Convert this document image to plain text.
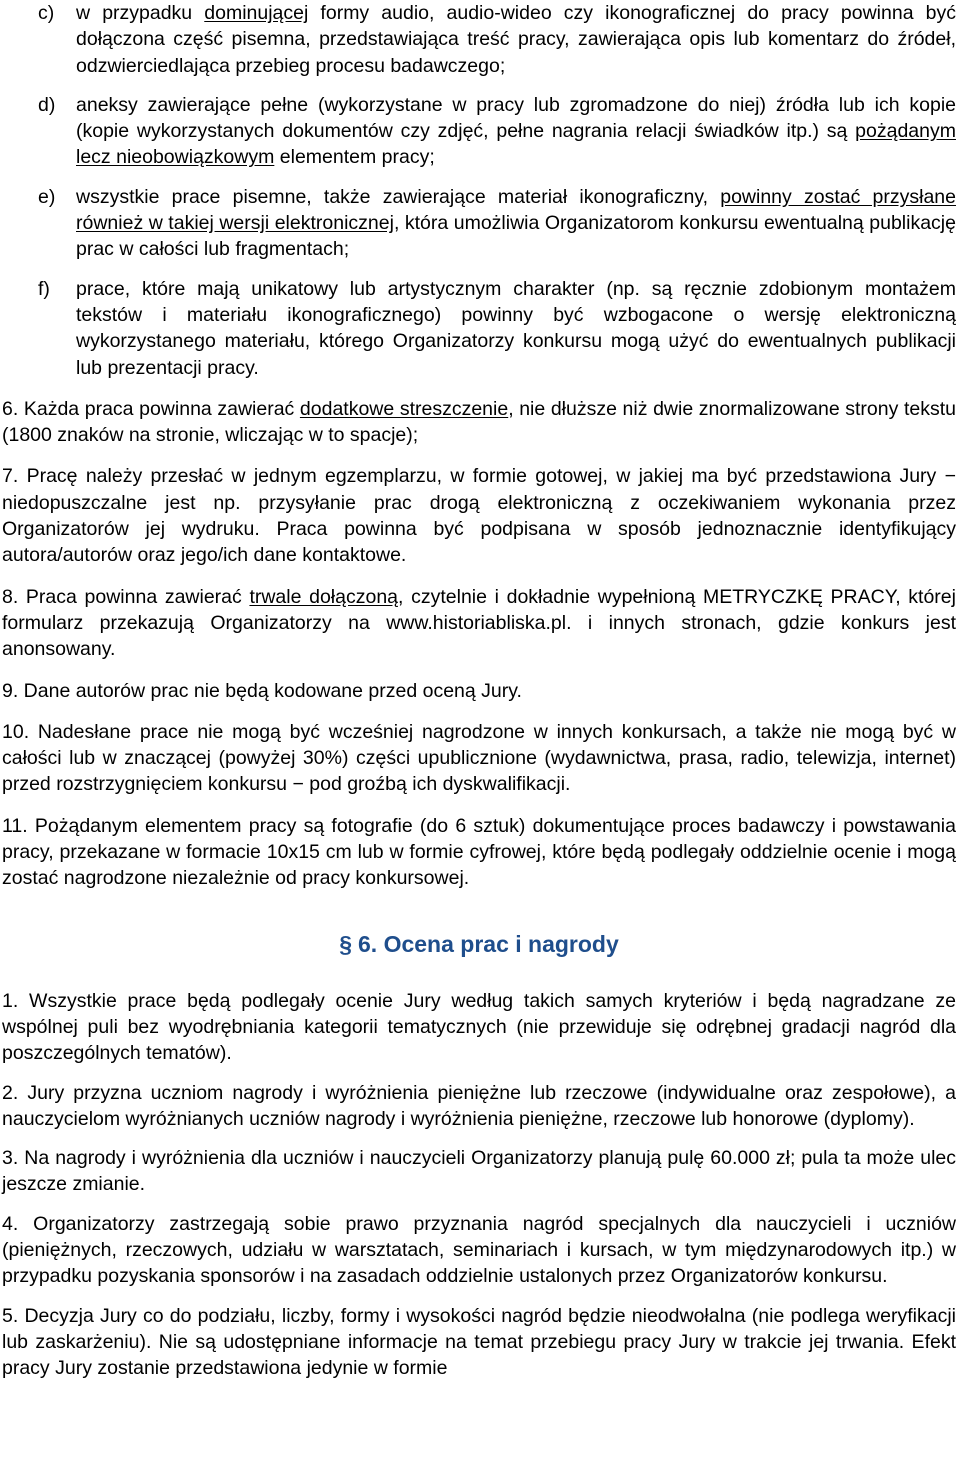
c) w przypadku dominującej formy audio, audio-wideo czy ikonograficznej do pracy powinna być dołączona część pisemna, przedstawiająca treść pracy, zawierająca opis lub komentarz do źródeł, odzwierciedlająca przebieg procesu badawczego;

d) aneksy zawierające pełne (wykorzystane w pracy lub zgromadzone do niej) źródła lub ich kopie (kopie wykorzystanych dokumentów czy zdjęć, pełne nagrania relacji świadków itp.) są pożądanym lecz nieobowiązkowym elementem pracy;

e) wszystkie prace pisemne, także zawierające materiał ikonograficzny, powinny zostać przysłane również w takiej wersji elektronicznej, która umożliwia Organizatorom konkursu ewentualną publikację prac w całości lub fragmentach;

f) prace, które mają unikatowy lub artystycznym charakter (np. są ręcznie zdobionym montażem tekstów i materiału ikonograficznego) powinny być wzbogacone o wersję elektroniczną wykorzystanego materiału, którego Organizatorzy konkursu mogą użyć do ewentualnych publikacji lub prezentacji pracy.

6. Każda praca powinna zawierać dodatkowe streszczenie, nie dłuższe niż dwie znormalizowane strony tekstu (1800 znaków na stronie, wliczając w to spacje);

7. Pracę należy przesłać w jednym egzemplarzu, w formie gotowej, w jakiej ma być przedstawiona Jury − niedopuszczalne jest np. przysyłanie prac drogą elektroniczną z oczekiwaniem wykonania przez Organizatorów jej wydruku. Praca powinna być podpisana w sposób jednoznacznie identyfikujący autora/autorów oraz jego/ich dane kontaktowe.

8. Praca powinna zawierać trwale dołączoną, czytelnie i dokładnie wypełnioną METRYCZKĘ PRACY, której formularz przekazują Organizatorzy na www.historiabliska.pl. i innych stronach, gdzie konkurs jest anonsowany.

9. Dane autorów prac nie będą kodowane przed oceną Jury.

10. Nadesłane prace nie mogą być wcześniej nagrodzone w innych konkursach, a także nie mogą być w całości lub w znaczącej (powyżej 30%) części upublicznione (wydawnictwa, prasa, radio, telewizja, internet) przed rozstrzygnięciem konkursu − pod groźbą ich dyskwalifikacji.

11. Pożądanym elementem pracy są fotografie (do 6 sztuk) dokumentujące proces badawczy i powstawania pracy, przekazane w formacie 10x15 cm lub w formie cyfrowej, które będą podlegały oddzielnie ocenie i mogą zostać nagrodzone niezależnie od pracy konkursowej.

§ 6. Ocena prac i nagrody

1. Wszystkie prace będą podlegały ocenie Jury według takich samych kryteriów i będą nagradzane ze wspólnej puli bez wyodrębniania kategorii tematycznych (nie przewiduje się odrębnej gradacji nagród dla poszczególnych tematów).

2. Jury przyzna uczniom nagrody i wyróżnienia pieniężne lub rzeczowe (indywidualne oraz zespołowe), a nauczycielom wyróżnianych uczniów nagrody i wyróżnienia pieniężne, rzeczowe lub honorowe (dyplomy).

3. Na nagrody i wyróżnienia dla uczniów i nauczycieli Organizatorzy planują pulę 60.000 zł; pula ta może ulec jeszcze zmianie.

4. Organizatorzy zastrzegają sobie prawo przyznania nagród specjalnych dla nauczycieli i uczniów (pieniężnych, rzeczowych, udziału w warsztatach, seminariach i kursach, w tym międzynarodowych itp.) w przypadku pozyskania sponsorów i na zasadach oddzielnie ustalonych przez Organizatorów konkursu.

5. Decyzja Jury co do podziału, liczby, formy i wysokości nagród będzie nieodwołalna (nie podlega weryfikacji lub zaskarżeniu). Nie są udostępniane informacje na temat przebiegu pracy Jury w trakcie jej trwania. Efekt pracy Jury zostanie przedstawiona jedynie w formie
